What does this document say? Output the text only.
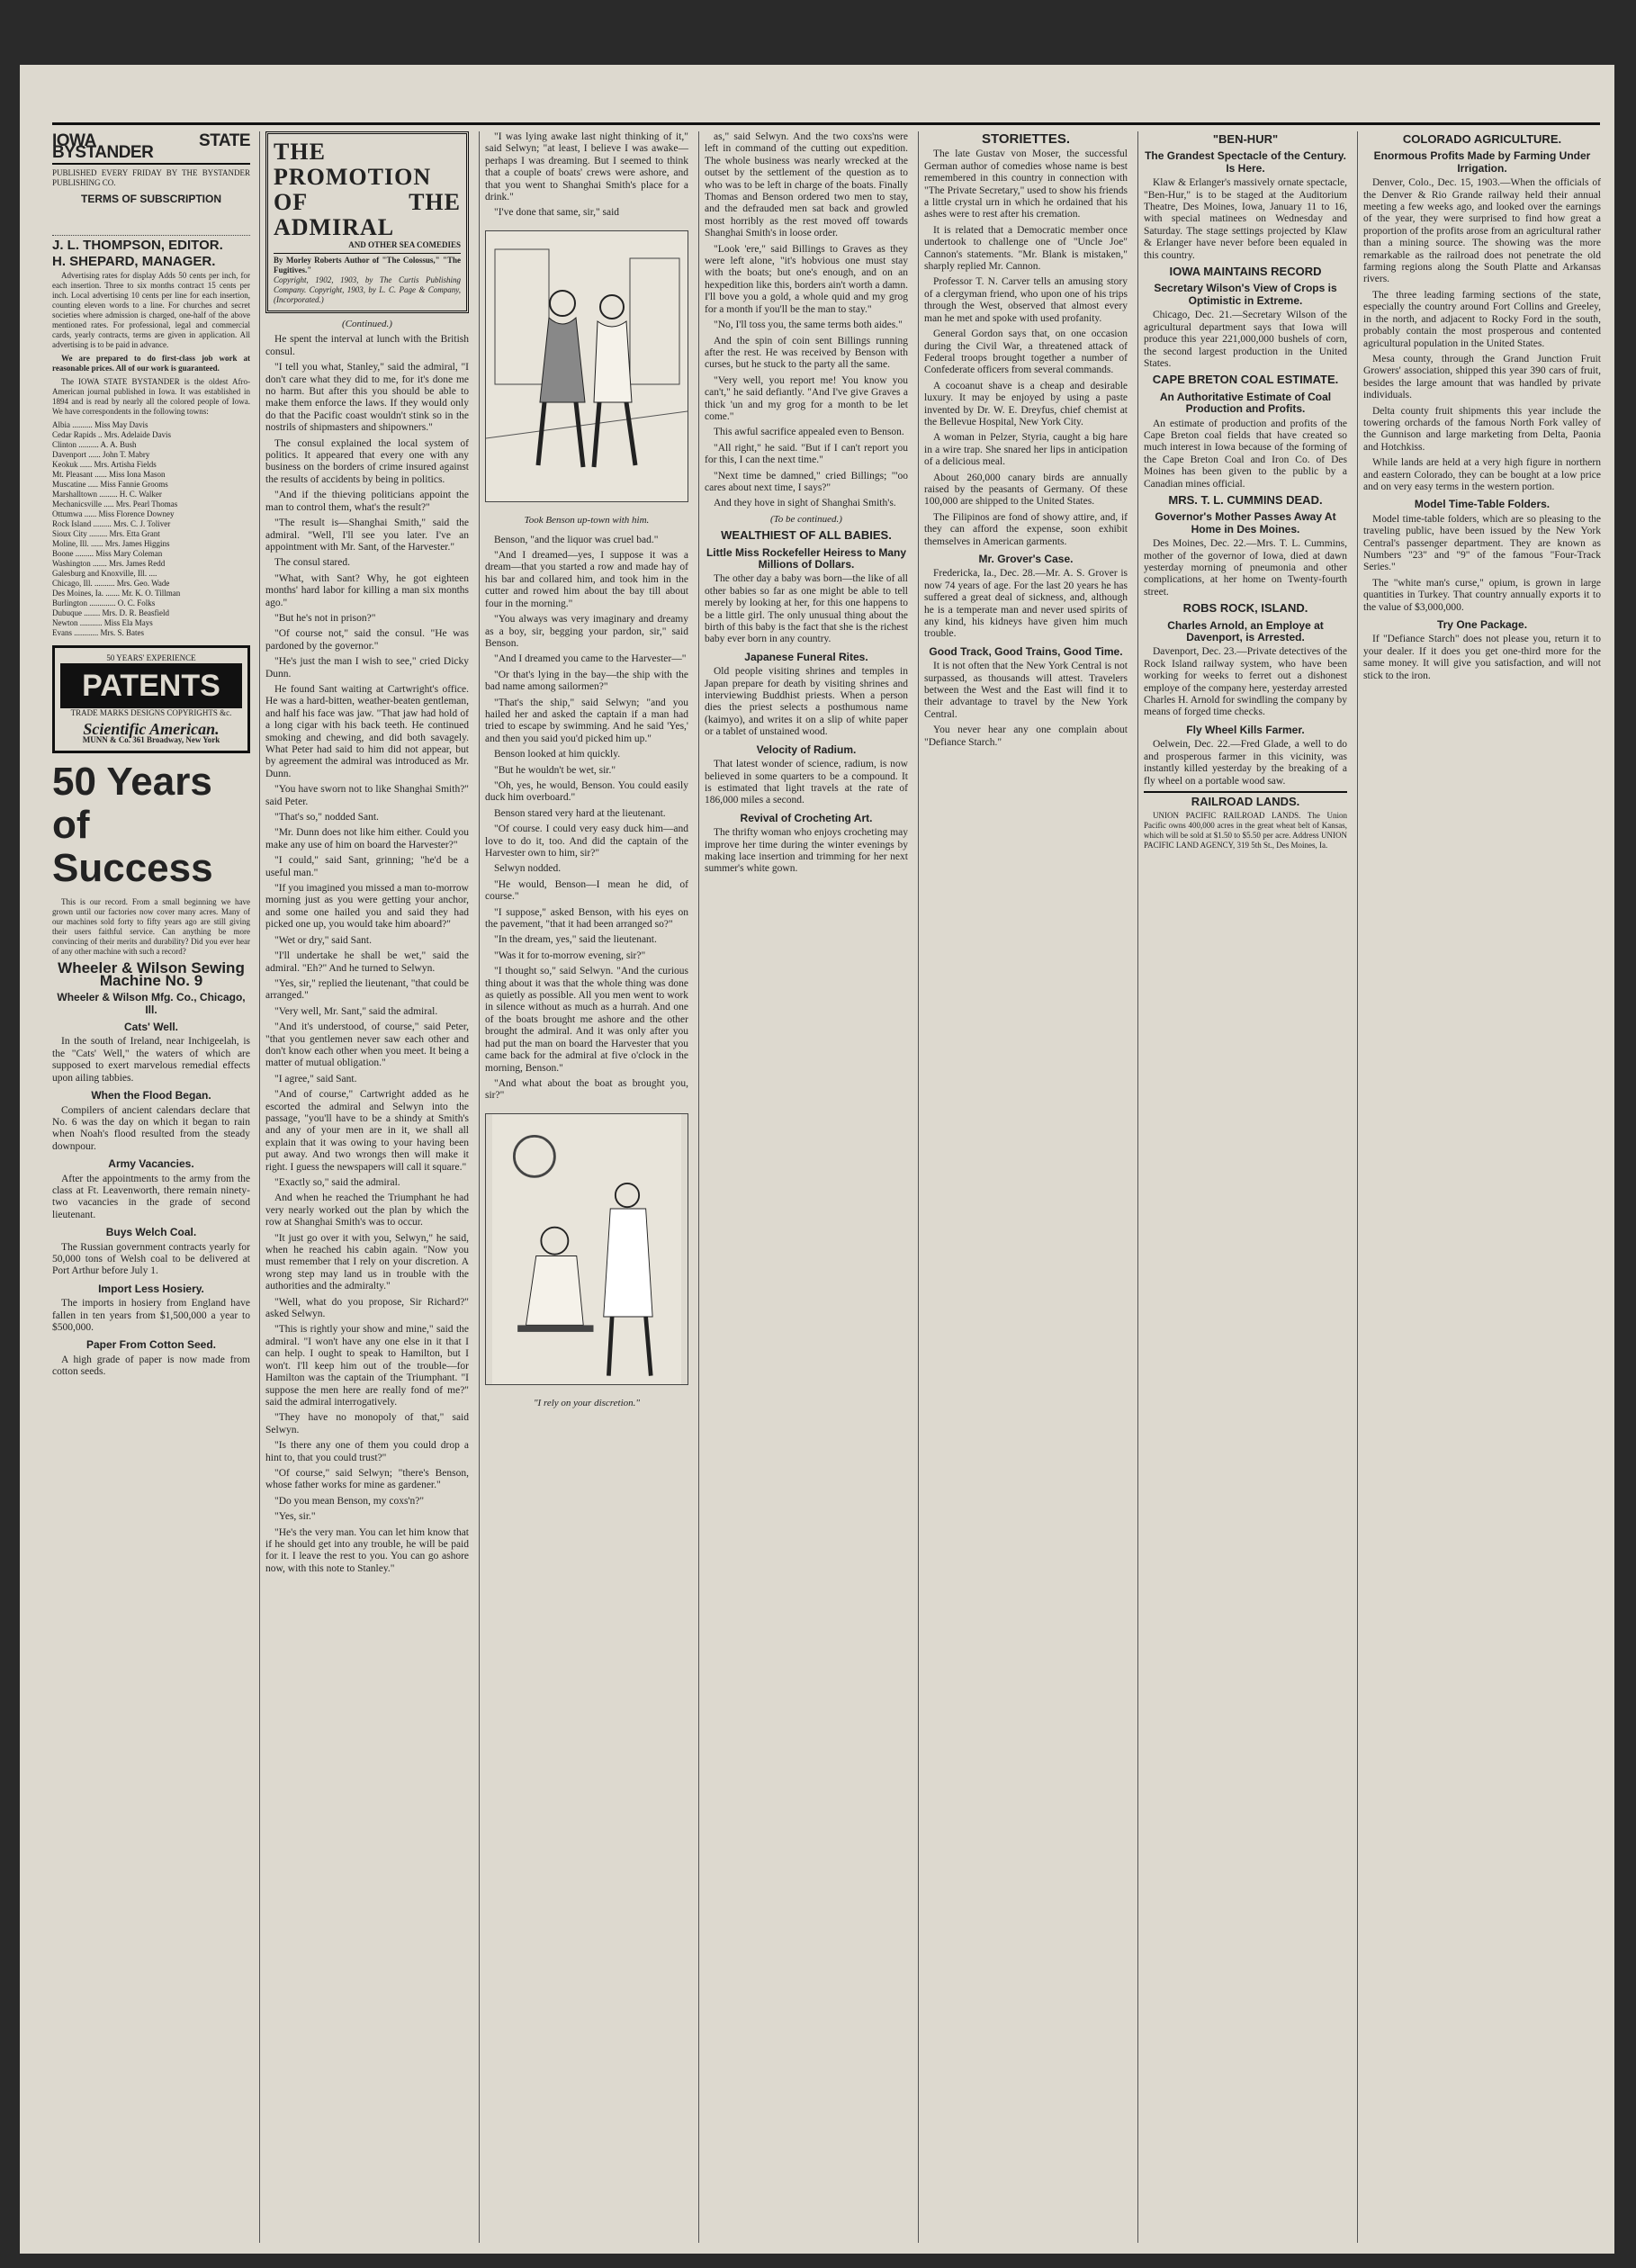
IOWA STATE BYSTANDER

PUBLISHED EVERY FRIDAY BY THE BYSTANDER PUBLISHING CO.

TERMS OF SUBSCRIPTION
J. L. THOMPSON, EDITOR.
H. SHEPARD, MANAGER.

Advertising rates for display Adds 50 cents per inch, for each insertion. Three to six months contract 15 cents per inch. Local advertising 10 cents per line for each insertion, counting eleven words to a line. For churches and secret societies where admission is charged, one-half of the above mentioned rates. For professional, legal and commercial cards, yearly contracts, terms are given in application. All advertising is to be paid in advance.

We are prepared to do first-class job work at reasonable prices. All of our work is guaranteed.

The IOWA STATE BYSTANDER is the oldest Afro-American journal published in Iowa. It was established in 1894 and is read by nearly all the colored people of Iowa. We have correspondents in the following towns:

Albia .......... Miss May Davis
Cedar Rapids .. Mrs. Adelaide Davis
Clinton .......... A. A. Bush
Davenport ...... John T. Mabry
Keokuk ...... Mrs. Artisha Fields
Mt. Pleasant ...... Miss Iona Mason
Muscatine ..... Miss Fannie Grooms
Marshalltown ......... H. C. Walker
Mechanicsville ..... Mrs. Pearl Thomas
Ottumwa ...... Miss Florence Downey
Rock Island ......... Mrs. C. J. Toliver
Sioux City ......... Mrs. Etta Grant
Moline, Ill. ...... Mrs. James Higgins
Boone ......... Miss Mary Coleman
Washington ....... Mrs. James Redd
Galesburg and Knoxville, Ill. ....
Chicago, Ill. .......... Mrs. Geo. Wade
Des Moines, Ia. ....... Mr. K. O. Tillman
Burlington ............. O. C. Folks
Dubuque ........ Mrs. D. R. Beasfield
Newton ........... Miss Ela Mays
Evans ............ Mrs. S. Bates
50 YEARS' EXPERIENCE
PATENTS
TRADE MARKS DESIGNS COPYRIGHTS &c.
Scientific American.
MUNN & Co. 361 Broadway, New York
50 Years of Success

This is our record. From a small beginning we have grown until our factories now cover many acres. Many of our machines sold forty to fifty years ago are still giving their users faithful service. Can anything be more convincing of their merits and durability? Did you ever hear of any other machine with such a record?

Wheeler & Wilson Sewing Machine No. 9
Wheeler & Wilson Mfg. Co., Chicago, Ill.
Cats' Well.

In the south of Ireland, near Inchigeelah, is the "Cats' Well," the waters of which are supposed to exert marvelous remedial effects upon ailing tabbies.

When the Flood Began.

Compilers of ancient calendars declare that No. 6 was the day on which it began to rain when Noah's flood resulted from the steady downpour.

Army Vacancies.

After the appointments to the army from the class at Ft. Leavenworth, there remain ninety-two vacancies in the grade of second lieutenant.

Buys Welch Coal.

The Russian government contracts yearly for 50,000 tons of Welsh coal to be delivered at Port Arthur before July 1.

Import Less Hosiery.

The imports in hosiery from England have fallen in ten years from $1,500,000 a year to $500,000.

Paper From Cotton Seed.

A high grade of paper is now made from cotton seeds.

THE PROMOTION OF THE ADMIRAL
AND OTHER SEA COMEDIES
By Morley Roberts Author of "The Colossus," "The Fugitives."
Copyright, 1902, 1903, by The Curtis Publishing Company. Copyright, 1903, by L. C. Page & Company, (Incorporated.)
(Continued.)

He spent the interval at lunch with the British consul.

"I tell you what, Stanley," said the admiral, "I don't care what they did to me, for it's done me no harm. But after this you should be able to make them enforce the laws. If they would only do that the Pacific coast wouldn't stink so in the nostrils of shipmasters and shipowners."

The consul explained the local system of politics. It appeared that every one with any business on the borders of crime insured against the results of accidents by being in politics.

"And if the thieving politicians appoint the man to control them, what's the result?"

"The result is—Shanghai Smith," said the admiral. "Well, I'll see you later. I've an appointment with Mr. Sant, of the Harvester."

The consul stared.

"What, with Sant? Why, he got eighteen months' hard labor for killing a man six months ago."

"But he's not in prison?"

"Of course not," said the consul. "He was pardoned by the governor."

"He's just the man I wish to see," cried Dicky Dunn.

He found Sant waiting at Cartwright's office. He was a hard-bitten, weather-beaten gentleman, and half his face was jaw. "That jaw had hold of a long cigar with his back teeth. He continued smoking and chewing, and did both savagely. What Peter had said to him did not appear, but by agreement the admiral was introduced as Mr. Dunn.

"You have sworn not to like Shanghai Smith?" said Peter.

"That's so," nodded Sant.

"Mr. Dunn does not like him either. Could you make any use of him on board the Harvester?"

"I could," said Sant, grinning; "he'd be a useful man."

"If you imagined you missed a man to-morrow morning just as you were getting your anchor, and some one hailed you and said they had picked one up, you would take him aboard?"

"Wet or dry," said Sant.

"I'll undertake he shall be wet," said the admiral. "Eh?" And he turned to Selwyn.

"Yes, sir," replied the lieutenant, "that could be arranged."

"Very well, Mr. Sant," said the admiral.

"And it's understood, of course," said Peter, "that you gentlemen never saw each other and don't know each other when you meet. It being a matter of mutual obligation."

"I agree," said Sant.

"And of course," Cartwright added as he escorted the admiral and Selwyn into the passage, "you'll have to be a shindy at Smith's and any of your men are in it, we shall all explain that it was owing to your having been put away. And two wrongs then will make it right. I guess the newspapers will call it square."

"Exactly so," said the admiral.

And when he reached the Triumphant he had very nearly worked out the plan by which the row at Shanghai Smith's was to occur.

"It just go over it with you, Selwyn," he said, when he reached his cabin again. "Now you must remember that I rely on your discretion. A wrong step may land us in trouble with the authorities and the admiralty."

"Well, what do you propose, Sir Richard?" asked Selwyn.

"This is rightly your show and mine," said the admiral. "I won't have any one else in it that I can help. I ought to speak to Hamilton, but I won't. I'll keep him out of the trouble—for Hamilton was the captain of the Triumphant. "I suppose the men here are really fond of me?" said the admiral interrogatively.

"They have no monopoly of that," said Selwyn.

"Is there any one of them you could drop a hint to, that you could trust?"

"Of course," said Selwyn; "there's Benson, whose father works for mine as gardener."

"Do you mean Benson, my coxs'n?"

"Yes, sir."

"He's the very man. You can let him know that if he should get into any trouble, he will be paid for it. I leave the rest to you. You can go ashore now, with this note to Stanley."

"I was lying awake last night thinking of it," said Selwyn; "at least, I believe I was awake—perhaps I was dreaming. But I seemed to think that a couple of boats' crews were ashore, and that you went to Shanghai Smith's place for a drink."

"I've done that same, sir," said

Took Benson up-town with him.

Benson, "and the liquor was cruel bad."

"And I dreamed—yes, I suppose it was a dream—that you started a row and made hay of his bar and collared him, and took him in the cutter and rowed him about the bay till about four in the morning."

"You always was very imaginary and dreamy as a boy, sir, begging your pardon, sir," said Benson.

"And I dreamed you came to the Harvester—"

"Or that's lying in the bay—the ship with the bad name among sailormen?"

"That's the ship," said Selwyn; "and you hailed her and asked the captain if a man had tried to escape by swimming. And he said 'Yes,' and then you said you'd picked him up."

Benson looked at him quickly.

"But he wouldn't be wet, sir."

"Oh, yes, he would, Benson. You could easily duck him overboard."

Benson stared very hard at the lieutenant.

"Of course. I could very easy duck him—and love to do it, too. And did the captain of the Harvester own to him, sir?"

Selwyn nodded.

"He would, Benson—I mean he did, of course."

"I suppose," asked Benson, with his eyes on the pavement, "that it had been arranged so?"

"In the dream, yes," said the lieutenant.

"Was it for to-morrow evening, sir?"

"I thought so," said Selwyn. "And the curious thing about it was that the whole thing was done as quietly as possible. All you men went to work in silence without as much as a hurrah. And one of the boats brought me ashore and the other brought the admiral. And it was only after you had put the man on board the Harvester that you came back for the admiral at five o'clock in the morning, Benson."

"And what about the boat as brought you, sir?"

"I rely on your discretion."

as," said Selwyn. And the two coxs'ns were left in command of the cutting out expedition. The whole business was nearly wrecked at the outset by the settlement of the question as to who was to be left in charge of the boats. Finally Thomas and Benson ordered two men to stay, and the defrauded men sat back and growled most horribly as the rest moved off towards Shanghai Smith's in loose order.

"Look 'ere," said Billings to Graves as they were left alone, "it's hobvious one must stay with the boats; but one's enough, and on an hexpedition like this, borders ain't worth a damn. I'll bove you a gold, a whole quid and my grog for a month if you'll be the man to stay."

"No, I'll toss you, the same terms both aides."

And the spin of coin sent Billings running after the rest. He was received by Benson with curses, but he stuck to the party all the same.

"Very well, you report me! You know you can't," he said defiantly. "And I've give Graves a thick 'un and my grog for a month to be let come."

This awful sacrifice appealed even to Benson.

"All right," he said. "But if I can't report you for this, I can the next time."

"Next time be damned," cried Billings; "'oo cares about next time, I says?"

And they hove in sight of Shanghai Smith's.

(To be continued.)
WEALTHIEST OF ALL BABIES.
Little Miss Rockefeller Heiress to Many Millions of Dollars.

The other day a baby was born—the like of all other babies so far as one might be able to tell merely by looking at her, for this one happens to be a little girl. The only unusual thing about the birth of this baby is the fact that she is the richest baby ever born in any country.

Japanese Funeral Rites.

Old people visiting shrines and temples in Japan prepare for death by visiting shrines and interviewing Buddhist priests. When a person dies the priest selects a posthumous name (kaimyo), and writes it on a slip of white paper or a tablet of unstained wood.

Velocity of Radium.

That latest wonder of science, radium, is now believed in some quarters to be a compound. It is estimated that light travels at the rate of 186,000 miles a second.

Revival of Crocheting Art.

The thrifty woman who enjoys crocheting may improve her time during the winter evenings by making lace insertion and trimming for her next summer's white gown.

STORIETTES.

The late Gustav von Moser, the successful German author of comedies whose name is best remembered in this country in connection with "The Private Secretary," used to show his friends a little crystal urn in which he ordained that his ashes were to rest after his cremation.

It is related that a Democratic member once undertook to challenge one of "Uncle Joe" Cannon's statements. "Mr. Blank is mistaken," sharply replied Mr. Cannon.

Professor T. N. Carver tells an amusing story of a clergyman friend, who upon one of his trips through the West, observed that almost every man he met and spoke with used profanity.

General Gordon says that, on one occasion during the Civil War, a threatened attack of Federal troops brought together a number of Confederate officers from several commands.

A cocoanut shave is a cheap and desirable luxury. It may be enjoyed by using a paste invented by Dr. W. E. Dreyfus, chief chemist at the Bellevue Hospital, New York City.

A woman in Pelzer, Styria, caught a big hare in a wire trap. She snared her lips in anticipation of a delicious meal.

About 260,000 canary birds are annually raised by the peasants of Germany. Of these 100,000 are shipped to the United States.

The Filipinos are fond of showy attire, and, if they can afford the expense, soon exhibit themselves in American garments.

Mr. Grover's Case.

Fredericka, Ia., Dec. 28.—Mr. A. S. Grover is now 74 years of age. For the last 20 years he has suffered a great deal of sickness, and, although he is a temperate man and never used spirits of any kind, his kidneys have given him much trouble.

Good Track, Good Trains, Good Time.

It is not often that the New York Central is not surpassed, as thousands will attest. Travelers between the West and the East will find it to their advantage to travel by the New York Central.

You never hear any one complain about "Defiance Starch."

"BEN-HUR"
The Grandest Spectacle of the Century. Is Here.

Klaw & Erlanger's massively ornate spectacle, "Ben-Hur," is to be staged at the Auditorium Theatre, Des Moines, Iowa, January 11 to 16, with special matinees on Wednesday and Saturday. The stage settings projected by Klaw & Erlanger have never before been equaled in this country.

IOWA MAINTAINS RECORD
Secretary Wilson's View of Crops is Optimistic in Extreme.

Chicago, Dec. 21.—Secretary Wilson of the agricultural department says that Iowa will produce this year 221,000,000 bushels of corn, the second largest production in the United States.

CAPE BRETON COAL ESTIMATE.
An Authoritative Estimate of Coal Production and Profits.

An estimate of production and profits of the Cape Breton coal fields that have created so much interest in Iowa because of the forming of the Cape Breton Coal and Iron Co. of Des Moines has been given to the public by a Canadian mines official.

MRS. T. L. CUMMINS DEAD.
Governor's Mother Passes Away At Home in Des Moines.

Des Moines, Dec. 22.—Mrs. T. L. Cummins, mother of the governor of Iowa, died at dawn yesterday morning of pneumonia and other complications, at her home on Twenty-fourth street.

ROBS ROCK, ISLAND.
Charles Arnold, an Employe at Davenport, is Arrested.

Davenport, Dec. 23.—Private detectives of the Rock Island railway system, who have been working for weeks to ferret out a dishonest employe of the company here, yesterday arrested Charles H. Arnold for swindling the company by means of forged time checks.

Fly Wheel Kills Farmer.

Oelwein, Dec. 22.—Fred Glade, a well to do and prosperous farmer in this vicinity, was instantly killed yesterday by the breaking of a fly wheel on a portable wood saw.

RAILROAD LANDS.

UNION PACIFIC RAILROAD LANDS. The Union Pacific owns 400,000 acres in the great wheat belt of Kansas, which will be sold at $1.50 to $5.50 per acre. Address UNION PACIFIC LAND AGENCY, 319 5th St., Des Moines, Ia.

COLORADO AGRICULTURE.
Enormous Profits Made by Farming Under Irrigation.

Denver, Colo., Dec. 15, 1903.—When the officials of the Denver & Rio Grande railway held their annual meeting a few weeks ago, and looked over the earnings of the year, they were surprised to find how great a proportion of the profits arose from an agricultural rather than a mining source. The showing was the more remarkable as the railroad does not penetrate the old farming regions along the South Platte and Arkansas rivers.

The three leading farming sections of the state, especially the country around Fort Collins and Greeley, in the north, and adjacent to Rocky Ford in the south, probably contain the most prosperous and contented agricultural population in the United States.

Mesa county, through the Grand Junction Fruit Growers' association, shipped this year 390 cars of fruit, besides the large amount that was handled by private individuals.

Delta county fruit shipments this year include the towering orchards of the famous North Fork valley of the Gunnison and large marketing from Delta, Paonia and Hotchkiss.

While lands are held at a very high figure in northern and eastern Colorado, they can be bought at a low price and on very easy terms in the western portion.

Model Time-Table Folders.

Model time-table folders, which are so pleasing to the traveling public, have been issued by the New York Central's passenger department. They are known as Numbers "23" and "9" of the famous "Four-Track Series."

The "white man's curse," opium, is grown in large quantities in Turkey. That country annually exports it to the value of $3,000,000.

Try One Package.

If "Defiance Starch" does not please you, return it to your dealer. If it does you get one-third more for the same money. It will give you satisfaction, and will not stick to the iron.
